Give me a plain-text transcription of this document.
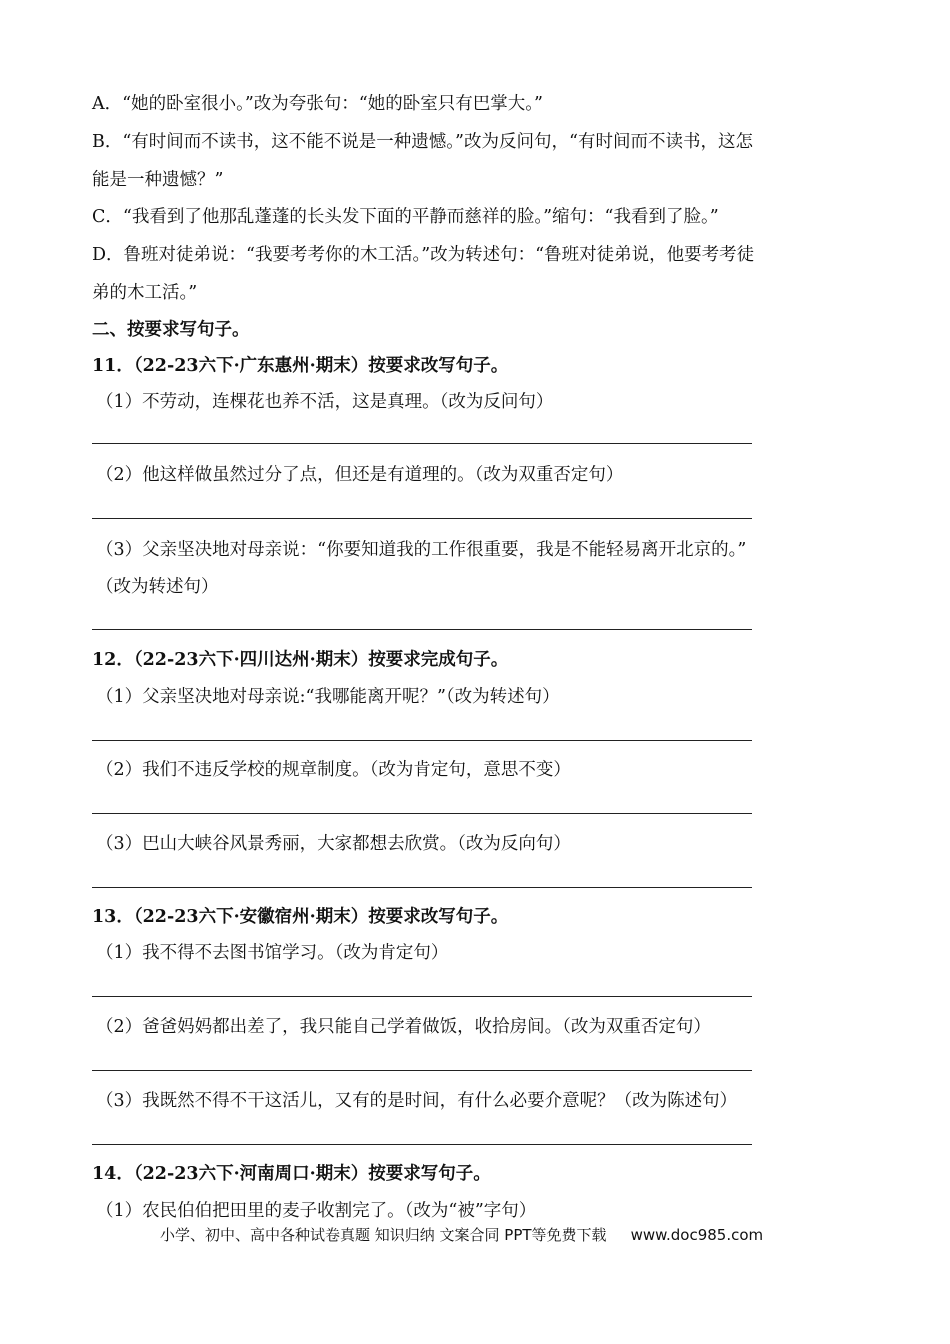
A．“她的卧室很小。”改为夸张句：“她的卧室只有巴掌大。”
B．“有时间而不读书，这不能不说是一种遗憾。”改为反问句，“有时间而不读书，这怎
能是一种遗憾？”
C．“我看到了他那乱蓬蓬的长头发下面的平静而慈祥的脸。”缩句：“我看到了脸。”
D．鲁班对徒弟说：“我要考考你的木工活。”改为转述句：“鲁班对徒弟说，他要考考徒
弟的木工活。”
二、按要求写句子。
11．（22-23六下·广东惠州·期末）按要求改写句子。
（1）不劳动，连棵花也养不活，这是真理。（改为反问句）
（2）他这样做虽然过分了点，但还是有道理的。（改为双重否定句）
（3）父亲坚决地对母亲说：“你要知道我的工作很重要，我是不能轻易离开北京的。”
（改为转述句）
12．（22-23六下·四川达州·期末）按要求完成句子。
（1）父亲坚决地对母亲说:“我哪能离开呢？”（改为转述句）
（2）我们不违反学校的规章制度。（改为肯定句，意思不变）
（3）巴山大峡谷风景秀丽，大家都想去欣赏。（改为反向句）
13．（22-23六下·安徽宿州·期末）按要求改写句子。
（1）我不得不去图书馆学习。（改为肯定句）
（2）爸爸妈妈都出差了，我只能自己学着做饭，收拾房间。（改为双重否定句）
（3）我既然不得不干这活儿，又有的是时间，有什么必要介意呢？（改为陈述句）
14．（22-23六下·河南周口·期末）按要求写句子。
（1）农民伯伯把田里的麦子收割完了。（改为“被”字句）
小学、初中、高中各种试卷真题 知识归纳 文案合同 PPT等免费下载 www.doc985.com
